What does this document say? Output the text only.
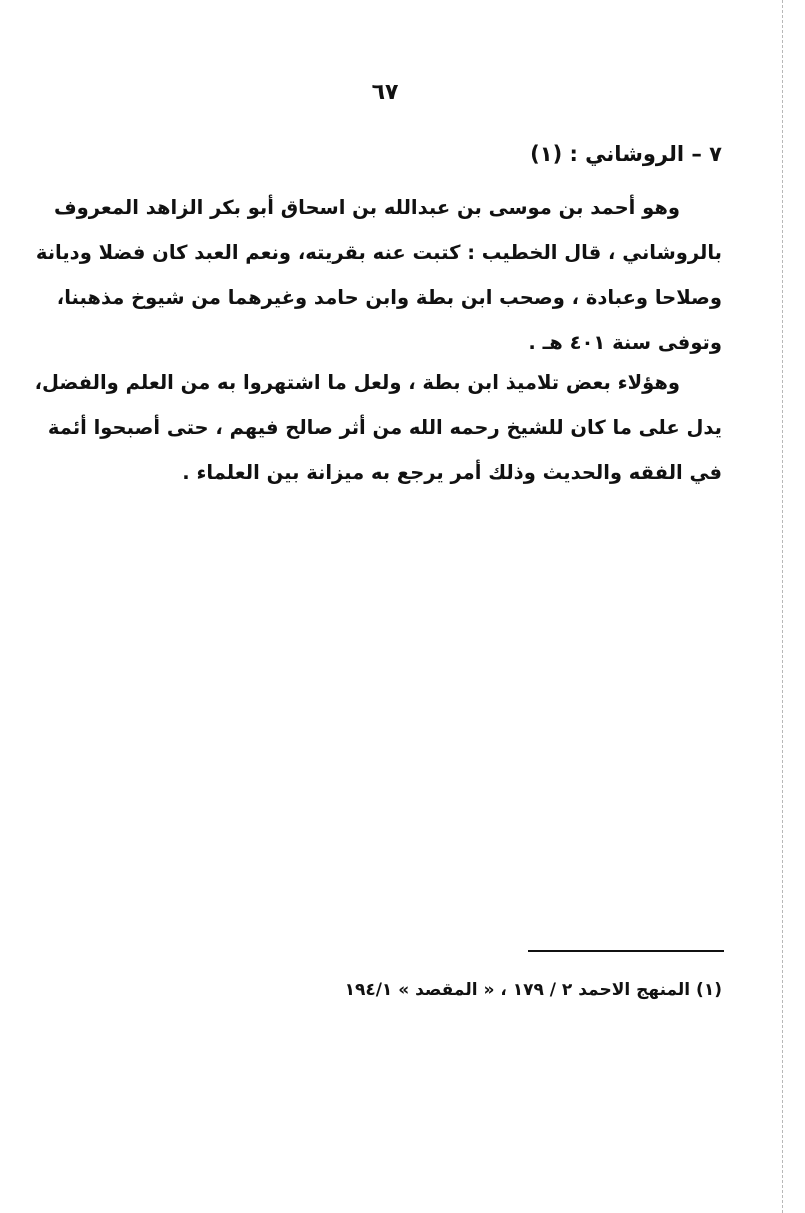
٦٧
٧ – الروشاني : (١)
وهو أحمد بن موسى بن عبدالله بن اسحاق أبو بكر الزاهد المعروف
بالروشاني ، قال الخطيب : كتبت عنه بقريته، ونعم العبد كان فضلا وديانة
وصلاحا وعبادة ، وصحب ابن بطة وابن حامد وغيرهما من شيوخ مذهبنا،
وتوفى سنة ٤٠١ هـ .
وهؤلاء بعض تلاميذ ابن بطة ، ولعل ما اشتهروا به من العلم والفضل،
يدل على ما كان للشيخ رحمه الله من أثر صالح فيهم ، حتى أصبحوا أئمة
في الفقه والحديث وذلك أمر يرجع به ميزانة بين العلماء .
(١) المنهج الاحمد ٢ / ١٧٩ ، « المقصد » ١٩٤/١
